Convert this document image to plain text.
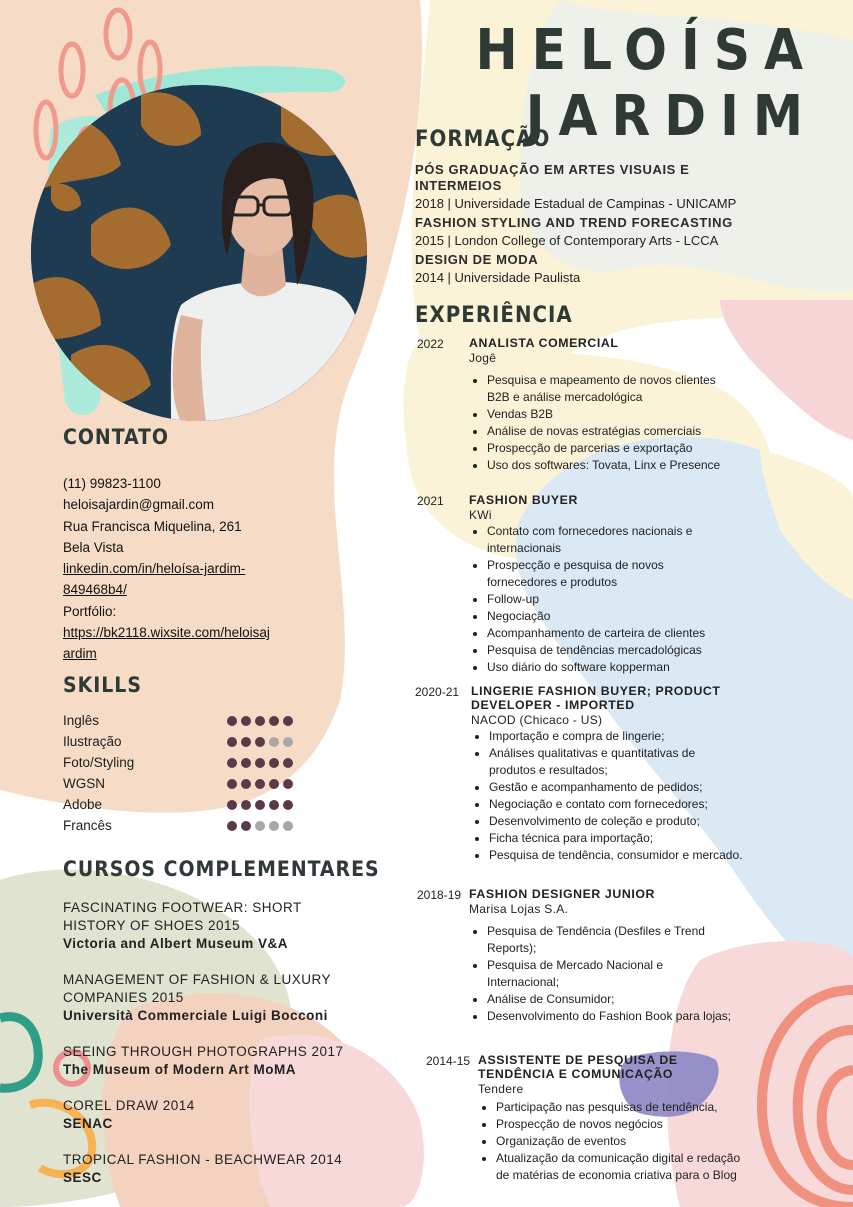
HELOÍSA
JARDIM
CONTATO
(11) 99823-1100
heloisajardin@gmail.com
Rua Francisca Miquelina, 261
Bela Vista
linkedin.com/in/heloísa-jardim-
849468b4/
Portfólio:
https://bk2118.wixsite.com/heloisaj
ardim
SKILLS
Inglês
Ilustração
Foto/Styling
WGSN
Adobe
Francês
CURSOS COMPLEMENTARES
FASCINATING FOOTWEAR: SHORT
HISTORY OF SHOES 2015
Victoria and Albert Museum V&A
MANAGEMENT OF FASHION & LUXURY
COMPANIES 2015
Università Commerciale Luigi Bocconi
SEEING THROUGH PHOTOGRAPHS 2017
The Museum of Modern Art MoMA
COREL DRAW 2014
SENAC
TROPICAL FASHION - BEACHWEAR 2014
SESC
FORMAÇÃO
PÓS GRADUAÇÃO EM ARTES VISUAIS E
INTERMEIOS
2018 | Universidade Estadual de Campinas - UNICAMP
FASHION STYLING AND TREND FORECASTING
2015 | London College of Contemporary Arts - LCCA
DESIGN DE MODA
2014 | Universidade Paulista
EXPERIÊNCIA
2022 ANALISTA COMERCIAL
Jogê
• Pesquisa e mapeamento de novos clientes B2B e análise mercadológica
• Vendas B2B
• Análise de novas estratégias comerciais
• Prospecção de parcerias e exportação
• Uso dos softwares: Tovata, Linx e Presence
2021 FASHION BUYER
KWi
• Contato com fornecedores nacionais e internacionais
• Prospecção e pesquisa de novos fornecedores e produtos
• Follow-up
• Negociação
• Acompanhamento de carteira de clientes
• Pesquisa de tendências mercadológicas
• Uso diário do software kopperman
2020-21 LINGERIE FASHION BUYER; PRODUCT
DEVELOPER - IMPORTED
NACOD (Chicaco - US)
• Importação e compra de lingerie;
• Análises qualitativas e quantitativas de produtos e resultados;
• Gestão e acompanhamento de pedidos;
• Negociação e contato com fornecedores;
• Desenvolvimento de coleção e produto;
• Ficha técnica para importação;
• Pesquisa de tendência, consumidor e mercado.
2018-19 FASHION DESIGNER JUNIOR
Marisa Lojas S.A.
• Pesquisa de Tendência (Desfiles e Trend Reports);
• Pesquisa de Mercado Nacional e Internacional;
• Análise de Consumidor;
• Desenvolvimento do Fashion Book para lojas;
2014-15 ASSISTENTE DE PESQUISA DE
TENDÊNCIA E COMUNICAÇÃO
Tendere
• Participação nas pesquisas de tendência,
• Prospecção de novos negócios
• Organização de eventos
• Atualização da comunicação digital e redação de matérias de economia criativa para o Blog
